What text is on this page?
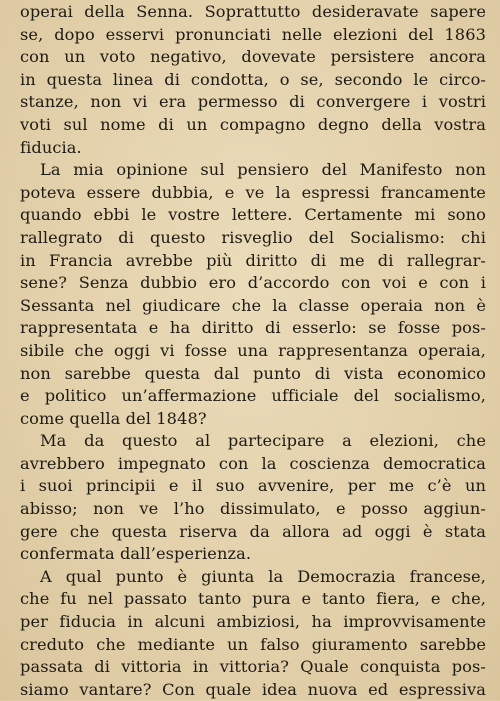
operai della Senna. Soprattutto desideravate sapere
se, dopo esservi pronunciati nelle elezioni del 1863
con un voto negativo, dovevate persistere ancora
in questa linea di condotta, o se, secondo le circo-
stanze, non vi era permesso di convergere i vostri
voti sul nome di un compagno degno della vostra
fiducia.

La mia opinione sul pensiero del Manifesto non
poteva essere dubbia, e ve la espressi francamente
quando ebbi le vostre lettere. Certamente mi sono
rallegrato di questo risveglio del Socialismo: chi
in Francia avrebbe più diritto di me di rallegrar-
sene? Senza dubbio ero d’accordo con voi e con i
Sessanta nel giudicare che la classe operaia non è
rappresentata e ha diritto di esserlo: se fosse pos-
sibile che oggi vi fosse una rappresentanza operaia,
non sarebbe questa dal punto di vista economico
e politico un’affermazione ufficiale del socialismo,
come quella del 1848?

Ma da questo al partecipare a elezioni, che
avrebbero impegnato con la coscienza democratica
i suoi principii e il suo avvenire, per me c’è un
abisso; non ve l’ho dissimulato, e posso aggiun-
gere che questa riserva da allora ad oggi è stata
confermata dall’esperienza.

A qual punto è giunta la Democrazia francese,
che fu nel passato tanto pura e tanto fiera, e che,
per fiducia in alcuni ambiziosi, ha improvvisamente
creduto che mediante un falso giuramento sarebbe
passata di vittoria in vittoria? Quale conquista pos-
siamo vantare? Con quale idea nuova ed espressiva
